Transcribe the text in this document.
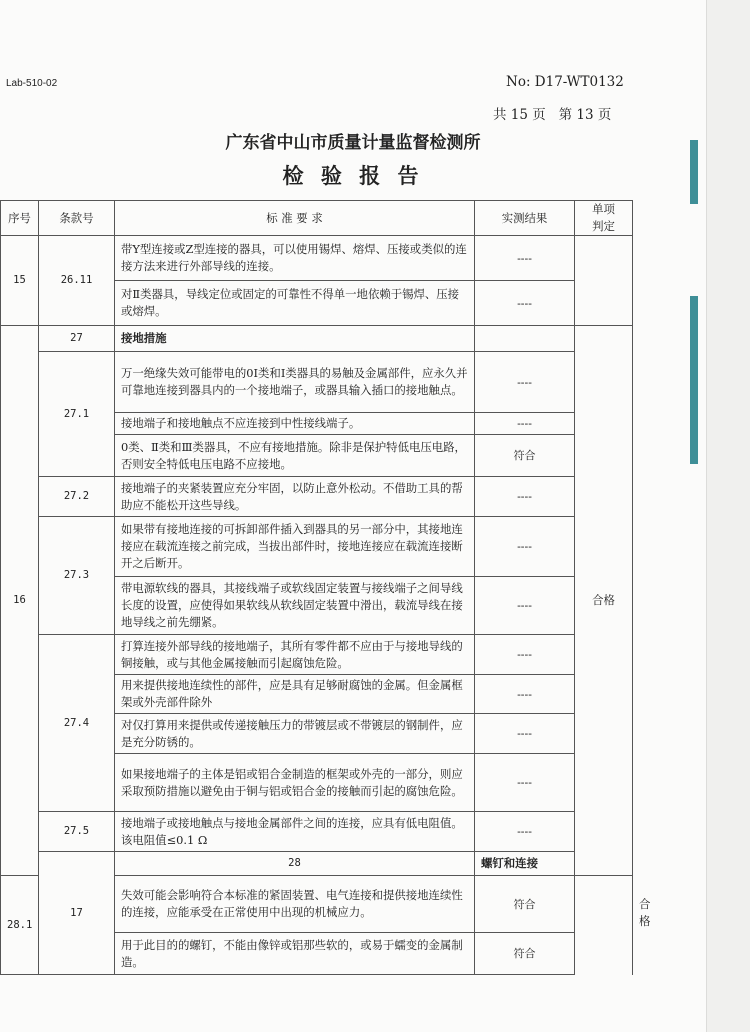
Lab-510-02	No: D17-WT0132
共 15 页   第 13 页
广东省中山市质量计量监督检测所
检 验 报 告
序号	条款号	标 准 要 求	实测结果	单项判定	
15	26.11	带Y型连接或Z型连接的器具，可以使用锡焊、熔焊、压接或类似的连接方法来进行外部导线的连接。	----		
		对Ⅱ类器具，导线定位或固定的可靠性不得单一地依赖于锡焊、压接或熔焊。	----		
16	27	接地措施		合格	
	27.1	万一绝缘失效可能带电的0I类和I类器具的易触及金属部件，应永久并可靠地连接到器具内的一个接地端子，或器具输入插口的接地触点。	----		
		接地端子和接地触点不应连接到中性接线端子。	----		
		0类、Ⅱ类和Ⅲ类器具，不应有接地措施。除非是保护特低电压电路，否则安全特低电压电路不应接地。	符合		
	27.2	接地端子的夹紧装置应充分牢固，以防止意外松动。不借助工具的帮助应不能松开这些导线。	----		
	27.3	如果带有接地连接的可拆卸部件插入到器具的另一部分中，其接地连接应在载流连接之前完成，当拔出部件时，接地连接应在载流连接断开之后断开。	----		
		带电源软线的器具，其接线端子或软线固定装置与接线端子之间导线长度的设置，应使得如果软线从软线固定装置中滑出，载流导线在接地导线之前先绷紧。	----		
	27.4	打算连接外部导线的接地端子，其所有零件都不应由于与接地导线的铜接触，或与其他金属接触而引起腐蚀危险。	----		
		用来提供接地连续性的部件，应是具有足够耐腐蚀的金属。但金属框架或外壳部件除外	----		
		对仅打算用来提供或传递接触压力的带镀层或不带镀层的钢制件，应是充分防锈的。	----		
		如果接地端子的主体是铝或铝合金制造的框架或外壳的一部分，则应采取预防措施以避免由于铜与铝或铝合金的接触而引起的腐蚀危险。	----		
	27.5	接地端子或接地触点与接地金属部件之间的连接，应具有低电阻值。该电阻值≤0.1 Ω	----		
	17	28	螺钉和连接		
28.1		失效可能会影响符合本标准的紧固装置、电气连接和提供接地连续性的连接，应能承受在正常使用中出现的机械应力。	符合		
		用于此目的的螺钉，不能由像锌或铝那些软的，或易于蠕变的金属制造。	符合		
